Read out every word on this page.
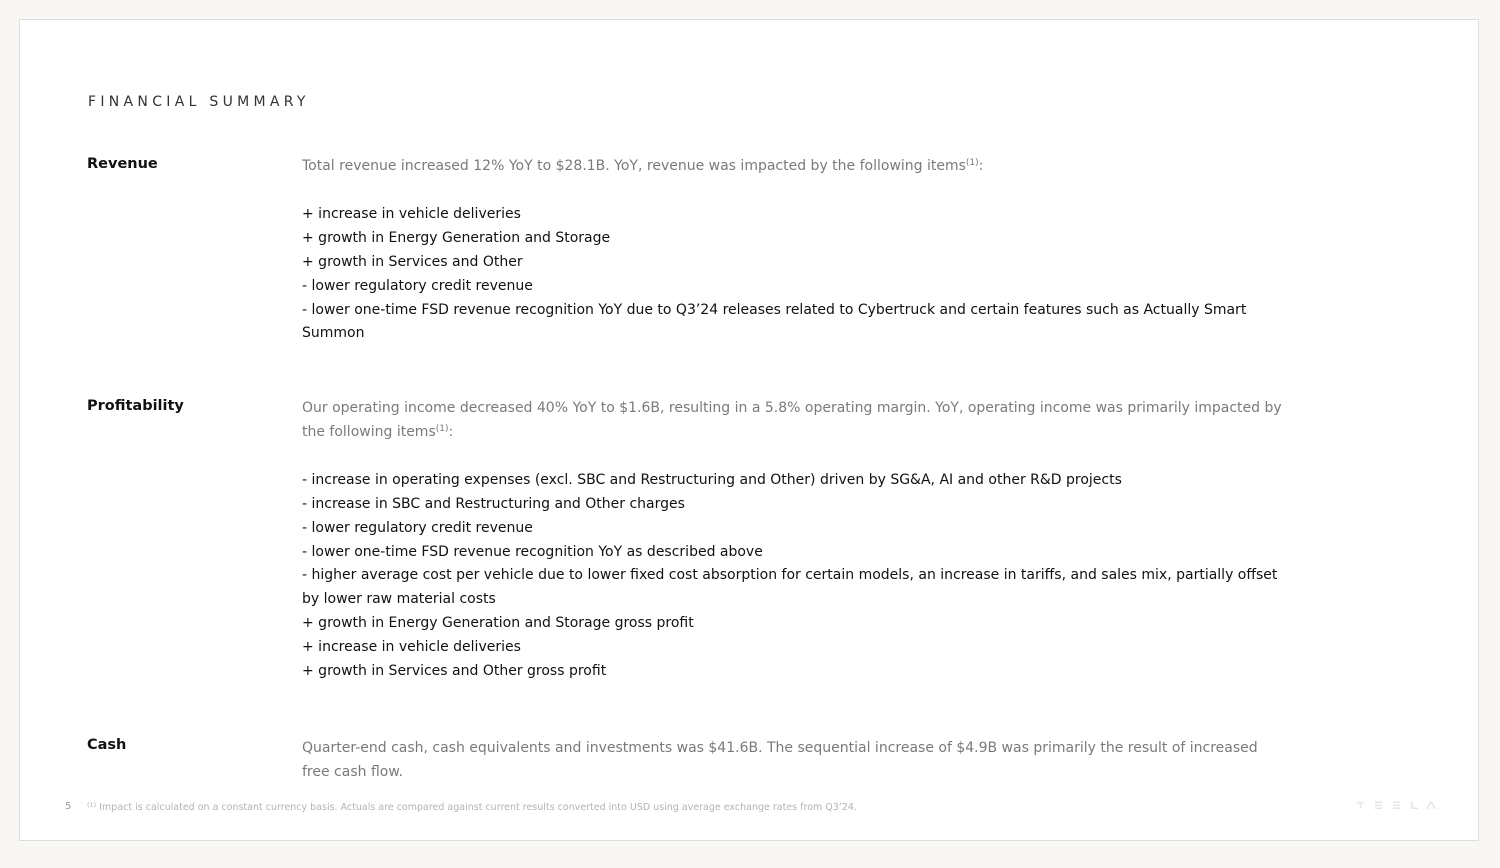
FINANCIAL SUMMARY
Revenue	Total revenue increased 12% YoY to $28.1B. YoY, revenue was impacted by the following items$^{(1)}$:

+ increase in vehicle deliveries
+ growth in Energy Generation and Storage
+ growth in Services and Other
- lower regulatory credit revenue
- lower one-time FSD revenue recognition YoY due to Q3’24 releases related to Cybertruck and certain features such as Actually Smart Summon
Profitability	Our operating income decreased 40% YoY to $1.6B, resulting in a 5.8% operating margin. YoY, operating income was primarily impacted by the following items$^{(1)}$:

- increase in operating expenses (excl. SBC and Restructuring and Other) driven by SG&A, AI and other R&D projects
- increase in SBC and Restructuring and Other charges
- lower regulatory credit revenue
- lower one-time FSD revenue recognition YoY as described above
- higher average cost per vehicle due to lower fixed cost absorption for certain models, an increase in tariffs, and sales mix, partially offset by lower raw material costs
+ growth in Energy Generation and Storage gross profit
+ increase in vehicle deliveries
+ growth in Services and Other gross profit
Cash	Quarter-end cash, cash equivalents and investments was $41.6B. The sequential increase of $4.9B was primarily the result of increased free cash flow.

5 $^{(1)}$ Impact is calculated on a constant currency basis. Actuals are compared against current results converted into USD using average exchange rates from Q3’24.
